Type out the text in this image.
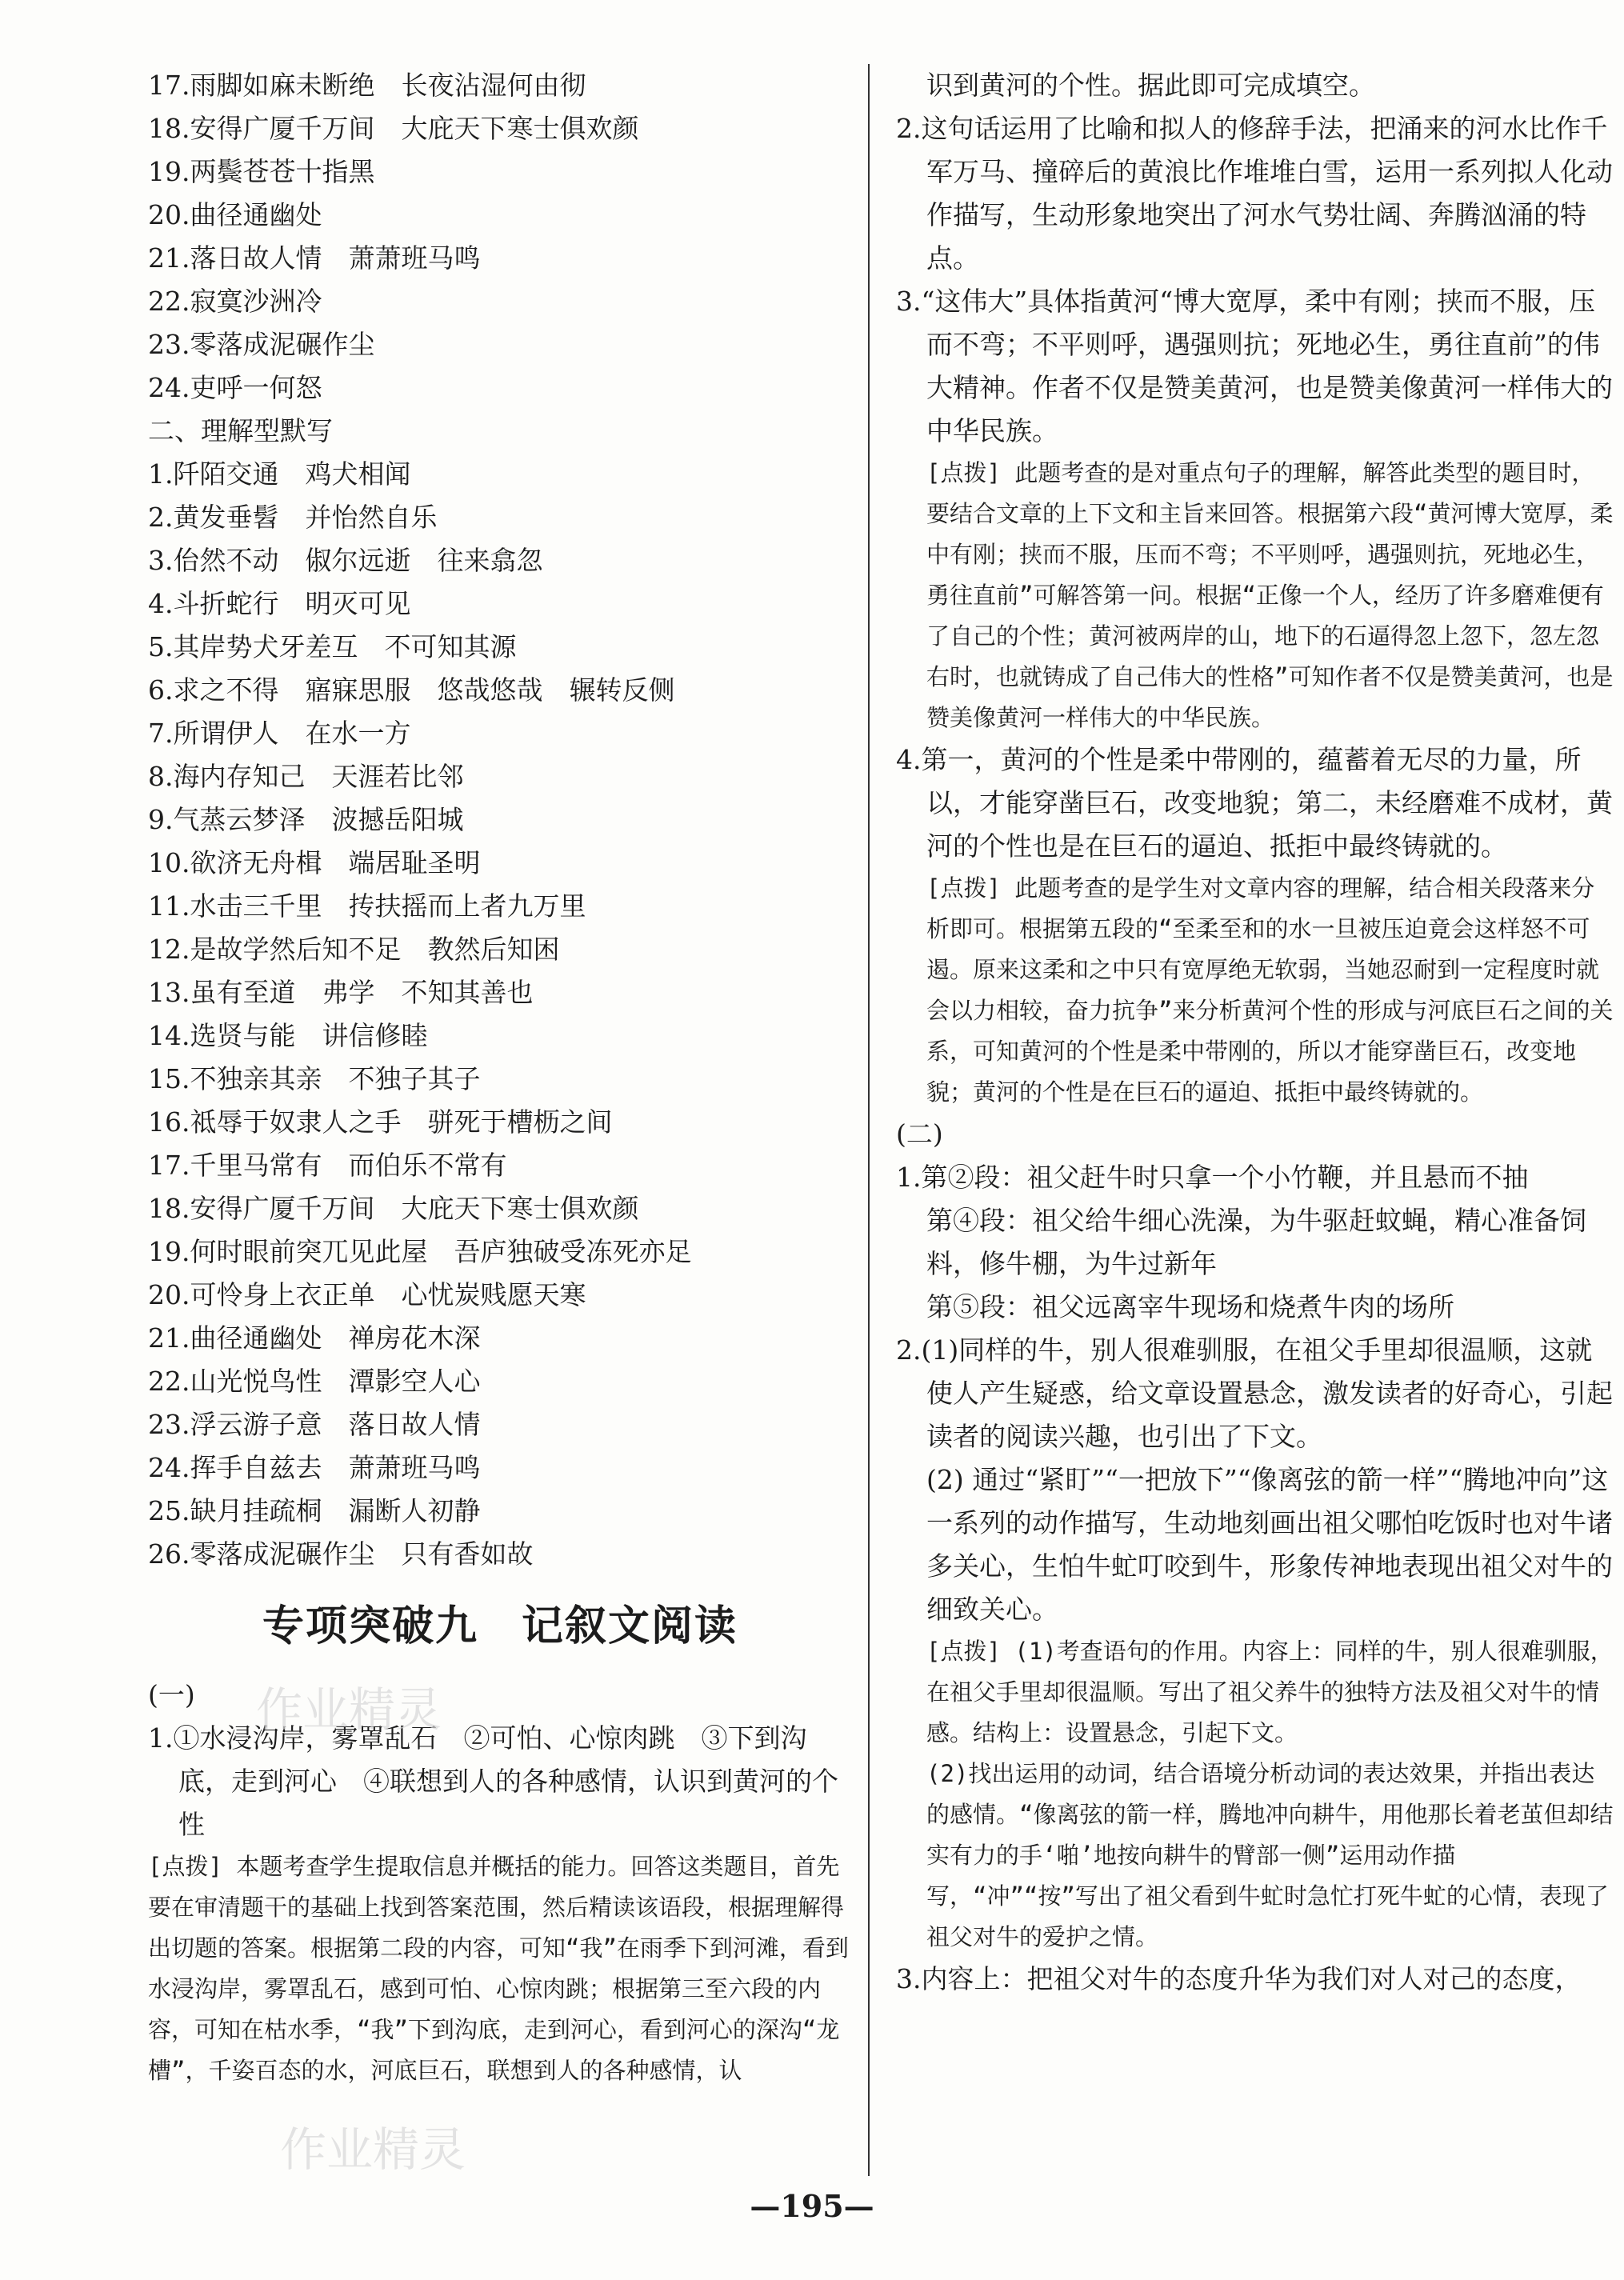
17.雨脚如麻未断绝　长夜沾湿何由彻
18.安得广厦千万间　大庇天下寒士俱欢颜
19.两鬓苍苍十指黑
20.曲径通幽处
21.落日故人情　萧萧班马鸣
22.寂寞沙洲冷
23.零落成泥碾作尘
24.吏呼一何怒
二、理解型默写
1.阡陌交通　鸡犬相闻
2.黄发垂髫　并怡然自乐
3.佁然不动　俶尔远逝　往来翕忽
4.斗折蛇行　明灭可见
5.其岸势犬牙差互　不可知其源
6.求之不得　寤寐思服　悠哉悠哉　辗转反侧
7.所谓伊人　在水一方
8.海内存知己　天涯若比邻
9.气蒸云梦泽　波撼岳阳城
10.欲济无舟楫　端居耻圣明
11.水击三千里　抟扶摇而上者九万里
12.是故学然后知不足　教然后知困
13.虽有至道　弗学　不知其善也
14.选贤与能　讲信修睦
15.不独亲其亲　不独子其子
16.祗辱于奴隶人之手　骈死于槽枥之间
17.千里马常有　而伯乐不常有
18.安得广厦千万间　大庇天下寒士俱欢颜
19.何时眼前突兀见此屋　吾庐独破受冻死亦足
20.可怜身上衣正单　心忧炭贱愿天寒
21.曲径通幽处　禅房花木深
22.山光悦鸟性　潭影空人心
23.浮云游子意　落日故人情
24.挥手自兹去　萧萧班马鸣
25.缺月挂疏桐　漏断人初静
26.零落成泥碾作尘　只有香如故
专项突破九　记叙文阅读
(一)
1.①水浸沟岸，雾罩乱石　②可怕、心惊肉跳　③下到沟底，走到河心　④联想到人的各种感情，认识到黄河的个性
[点拨] 本题考查学生提取信息并概括的能力。回答这类题目，首先要在审清题干的基础上找到答案范围，然后精读该语段，根据理解得出切题的答案。根据第二段的内容，可知“我”在雨季下到河滩，看到水浸沟岸，雾罩乱石，感到可怕、心惊肉跳；根据第三至六段的内容，可知在枯水季，“我”下到沟底，走到河心，看到河心的深沟“龙槽”，千姿百态的水，河底巨石，联想到人的各种感情，认
识到黄河的个性。据此即可完成填空。
2.这句话运用了比喻和拟人的修辞手法，把涌来的河水比作千军万马、撞碎后的黄浪比作堆堆白雪，运用一系列拟人化动作描写，生动形象地突出了河水气势壮阔、奔腾汹涌的特点。
3.“这伟大”具体指黄河“博大宽厚，柔中有刚；挟而不服，压而不弯；不平则呼，遇强则抗；死地必生，勇往直前”的伟大精神。作者不仅是赞美黄河，也是赞美像黄河一样伟大的中华民族。
[点拨] 此题考查的是对重点句子的理解，解答此类型的题目时，要结合文章的上下文和主旨来回答。根据第六段“黄河博大宽厚，柔中有刚；挟而不服，压而不弯；不平则呼，遇强则抗，死地必生，勇往直前”可解答第一问。根据“正像一个人，经历了许多磨难便有了自己的个性；黄河被两岸的山，地下的石逼得忽上忽下，忽左忽右时，也就铸成了自己伟大的性格”可知作者不仅是赞美黄河，也是赞美像黄河一样伟大的中华民族。
4.第一，黄河的个性是柔中带刚的，蕴蓄着无尽的力量，所以，才能穿凿巨石，改变地貌；第二，未经磨难不成材，黄河的个性也是在巨石的逼迫、抵拒中最终铸就的。
[点拨] 此题考查的是学生对文章内容的理解，结合相关段落来分析即可。根据第五段的“至柔至和的水一旦被压迫竟会这样怒不可遏。原来这柔和之中只有宽厚绝无软弱，当她忍耐到一定程度时就会以力相较，奋力抗争”来分析黄河个性的形成与河底巨石之间的关系，可知黄河的个性是柔中带刚的，所以才能穿凿巨石，改变地貌；黄河的个性是在巨石的逼迫、抵拒中最终铸就的。
(二)
1.第②段：祖父赶牛时只拿一个小竹鞭，并且悬而不抽
第④段：祖父给牛细心洗澡，为牛驱赶蚊蝇，精心准备饲料，修牛棚，为牛过新年
第⑤段：祖父远离宰牛现场和烧煮牛肉的场所
2.(1)同样的牛，别人很难驯服，在祖父手里却很温顺，这就使人产生疑惑，给文章设置悬念，激发读者的好奇心，引起读者的阅读兴趣，也引出了下文。
(2) 通过“紧盯”“一把放下”“像离弦的箭一样”“腾地冲向”这一系列的动作描写，生动地刻画出祖父哪怕吃饭时也对牛诸多关心，生怕牛虻叮咬到牛，形象传神地表现出祖父对牛的细致关心。
[点拨] (1)考查语句的作用。内容上：同样的牛，别人很难驯服，在祖父手里却很温顺。写出了祖父养牛的独特方法及祖父对牛的情感。结构上：设置悬念，引起下文。
(2)找出运用的动词，结合语境分析动词的表达效果，并指出表达的感情。“像离弦的箭一样，腾地冲向耕牛，用他那长着老茧但却结实有力的手‘啪’地按向耕牛的臂部一侧”运用动作描写，“冲”“按”写出了祖父看到牛虻时急忙打死牛虻的心情，表现了祖父对牛的爱护之情。
3.内容上：把祖父对牛的态度升华为我们对人对己的态度，
—195—
作业精灵
作业精灵
